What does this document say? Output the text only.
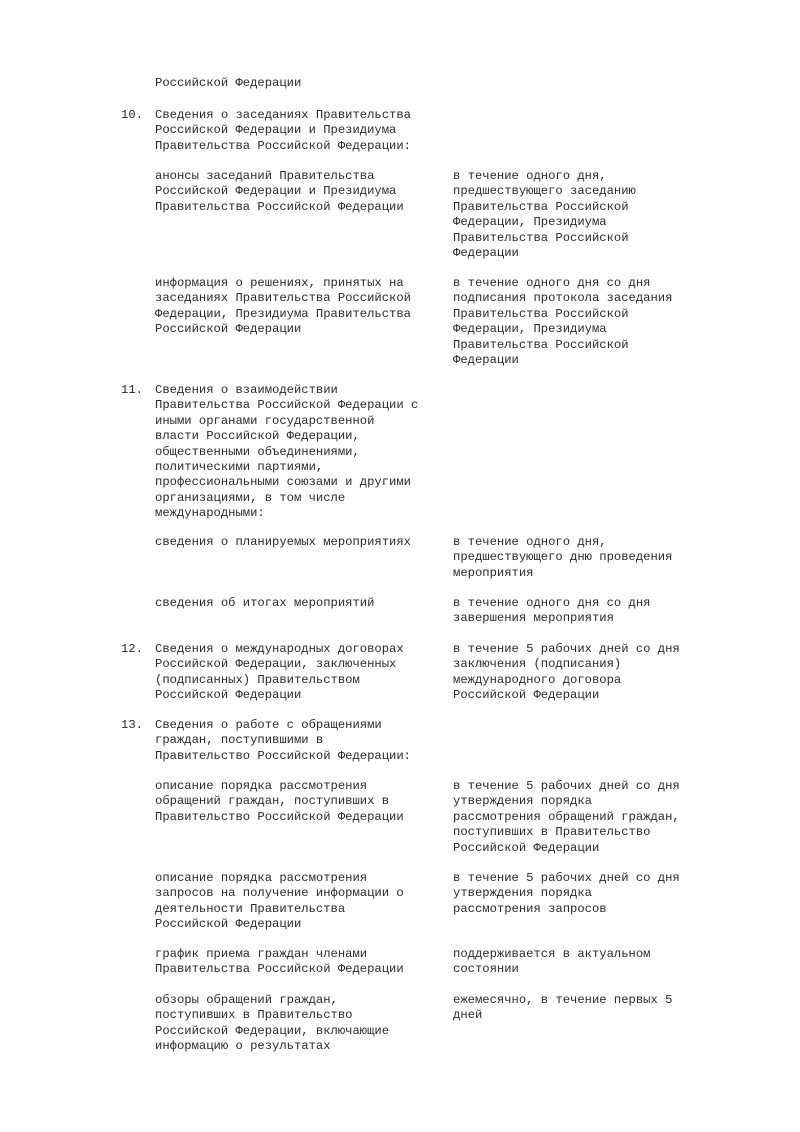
Российской Федерации
10. Сведения о заседаниях Правительства
Российской Федерации и Президиума
Правительства Российской Федерации:
анонсы заседаний Правительства
Российской Федерации и Президиума
Правительства Российской Федерации
в течение одного дня,
предшествующего заседанию
Правительства Российской
Федерации, Президиума
Правительства Российской
Федерации
информация о решениях, принятых на
заседаниях Правительства Российской
Федерации, Президиума Правительства
Российской Федерации
в течение одного дня со дня
подписания протокола заседания
Правительства Российской
Федерации, Президиума
Правительства Российской
Федерации
11. Сведения о взаимодействии
Правительства Российской Федерации с
иными органами государственной
власти Российской Федерации,
общественными объединениями,
политическими партиями,
профессиональными союзами и другими
организациями, в том числе
международными:
сведения о планируемых мероприятиях	в течение одного дня,
предшествующего дню проведения
мероприятия
сведения об итогах мероприятий	в течение одного дня со дня
завершения мероприятия
12. Сведения о международных договорах
Российской Федерации, заключенных
(подписанных) Правительством
Российской Федерации
в течение 5 рабочих дней со дня
заключения (подписания)
международного договора
Российской Федерации
13. Сведения о работе с обращениями
граждан, поступившими в
Правительство Российской Федерации:
описание порядка рассмотрения
обращений граждан, поступивших в
Правительство Российской Федерации
в течение 5 рабочих дней со дня
утверждения порядка
рассмотрения обращений граждан,
поступивших в Правительство
Российской Федерации
описание порядка рассмотрения
запросов на получение информации о
деятельности Правительства
Российской Федерации
в течение 5 рабочих дней со дня
утверждения порядка
рассмотрения запросов
график приема граждан членами
Правительства Российской Федерации
поддерживается в актуальном
состоянии
обзоры обращений граждан,
поступивших в Правительство
Российской Федерации, включающие
информацию о результатах
ежемесячно, в течение первых 5
дней
